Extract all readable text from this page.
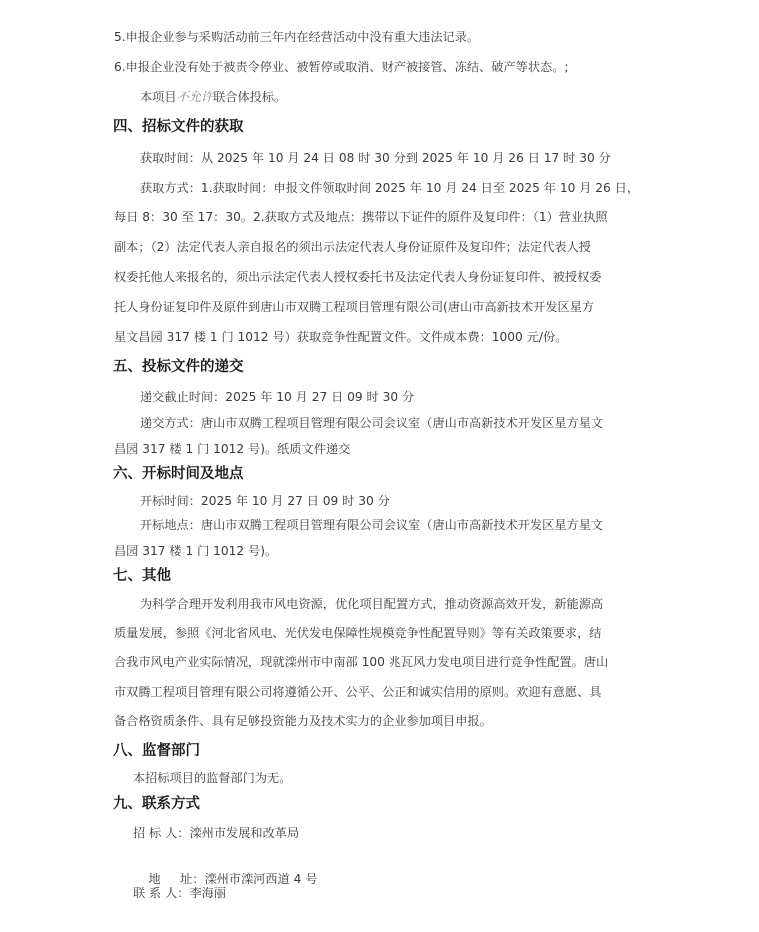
5.申报企业参与采购活动前三年内在经营活动中没有重大违法记录。
6.申报企业没有处于被责令停业、被暂停或取消、财产被接管、冻结、破产等状态。;
本项目不允许联合体投标。
四、招标文件的获取
获取时间：从 2025 年 10 月 24 日 08 时 30 分到 2025 年 10 月 26 日 17 时 30 分
获取方式：1.获取时间：申报文件领取时间 2025 年 10 月 24 日至 2025 年 10 月 26 日，
每日 8：30 至 17：30。2.获取方式及地点：携带以下证件的原件及复印件：（1）营业执照
副本；（2）法定代表人亲自报名的须出示法定代表人身份证原件及复印件；法定代表人授
权委托他人来报名的，须出示法定代表人授权委托书及法定代表人身份证复印件、被授权委
托人身份证复印件及原件到唐山市双腾工程项目管理有限公司(唐山市高新技术开发区星方
星文昌园 317 楼 1 门 1012 号）获取竞争性配置文件。文件成本费：1000 元/份。
五、投标文件的递交
递交截止时间：2025 年 10 月 27 日 09 时 30 分
递交方式：唐山市双腾工程项目管理有限公司会议室（唐山市高新技术开发区星方星文
昌园 317 楼 1 门 1012 号)。纸质文件递交
六、开标时间及地点
开标时间：2025 年 10 月 27 日 09 时 30 分
开标地点：唐山市双腾工程项目管理有限公司会议室（唐山市高新技术开发区星方星文
昌园 317 楼 1 门 1012 号)。
七、其他
为科学合理开发利用我市风电资源，优化项目配置方式，推动资源高效开发，新能源高
质量发展，参照《河北省风电、光伏发电保障性规模竞争性配置导则》等有关政策要求，结
合我市风电产业实际情况，现就滦州市中南部 100 兆瓦风力发电项目进行竞争性配置。唐山
市双腾工程项目管理有限公司将遵循公开、公平、公正和诚实信用的原则。欢迎有意愿、具
备合格资质条件、具有足够投资能力及技术实力的企业参加项目申报。
八、监督部门
本招标项目的监督部门为无。
九、联系方式
招 标 人：滦州市发展和改革局

地     址：滦州市滦河西道 4 号

联 系 人：李海丽
